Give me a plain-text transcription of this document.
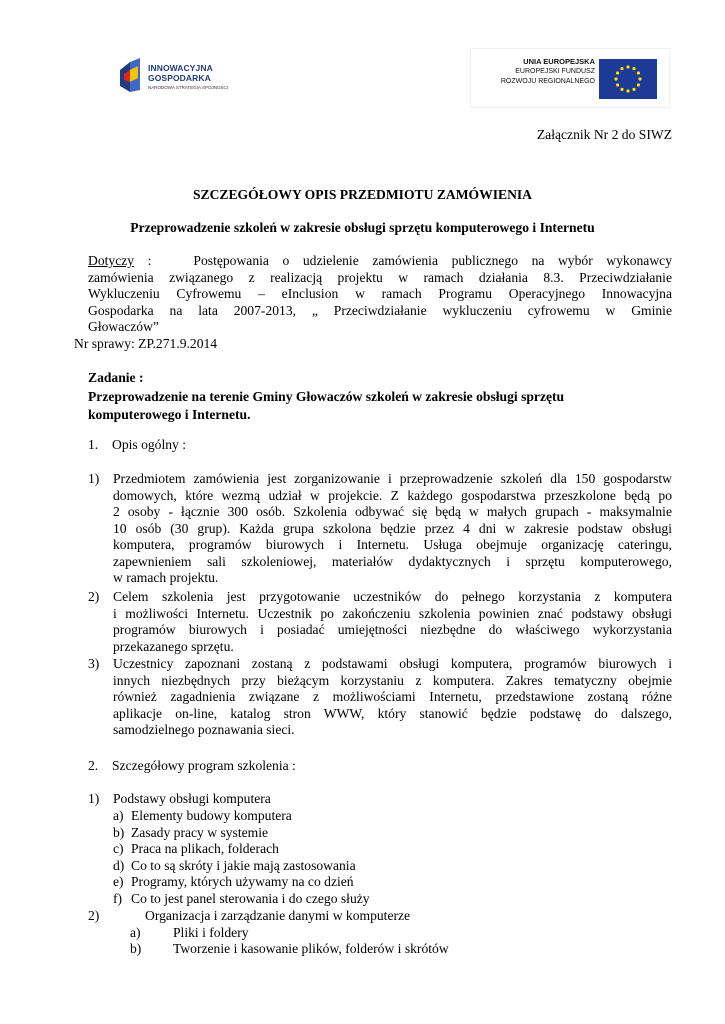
INNOWACYJNA
GOSPODARKA
NARODOWA STRATEGIA SPÓJNOŚCI
UNIA EUROPEJSKA
EUROPEJSKI FUNDUSZ
ROZWOJU REGIONALNEGO
Załącznik Nr 2 do SIWZ
SZCZEGÓŁOWY OPIS PRZEDMIOTU ZAMÓWIENIA
Przeprowadzenie szkoleń w zakresie obsługi sprzętu komputerowego i Internetu
Dotyczy :	Postępowania o udzielenie zamówienia publicznego na wybór wykonawcy
zamówienia związanego z realizacją projektu w ramach działania 8.3. Przeciwdziałanie
Wykluczeniu Cyfrowemu – eInclusion w ramach Programu Operacyjnego Innowacyjna
Gospodarka na lata 2007-2013, „ Przeciwdziałanie wykluczeniu cyfrowemu w Gminie
Głowaczów”
Nr sprawy: ZP.271.9.2014
Zadanie :
Przeprowadzenie na terenie Gminy Głowaczów szkoleń w zakresie obsługi sprzętu
komputerowego i Internetu.
1. Opis ogólny :
1) Przedmiotem zamówienia jest zorganizowanie i przeprowadzenie szkoleń dla 150 gospodarstw
domowych, które wezmą udział w projekcie. Z każdego gospodarstwa przeszkolone będą po
2 osoby - łącznie 300 osób. Szkolenia odbywać się będą w małych grupach - maksymalnie
10 osób (30 grup). Każda grupa szkolona będzie przez 4 dni w zakresie podstaw obsługi
komputera, programów biurowych i Internetu. Usługa obejmuje organizację cateringu,
zapewnieniem sali szkoleniowej, materiałów dydaktycznych i sprzętu komputerowego,
w ramach projektu.
2) Celem szkolenia jest przygotowanie uczestników do pełnego korzystania z komputera
i możliwości Internetu. Uczestnik po zakończeniu szkolenia powinien znać podstawy obsługi
programów biurowych i posiadać umiejętności niezbędne do właściwego wykorzystania
przekazanego sprzętu.
3) Uczestnicy zapoznani zostaną z podstawami obsługi komputera, programów biurowych i
innych niezbędnych przy bieżącym korzystaniu z komputera. Zakres tematyczny obejmie
również zagadnienia związane z możliwościami Internetu, przedstawione zostaną różne
aplikacje on-line, katalog stron WWW, który stanowić będzie podstawę do dalszego,
samodzielnego poznawania sieci.
2. Szczegółowy program szkolenia :
1) Podstawy obsługi komputera
a) Elementy budowy komputera
b) Zasady pracy w systemie
c) Praca na plikach, folderach
d) Co to są skróty i jakie mają zastosowania
e) Programy, których używamy na co dzień
f) Co to jest panel sterowania i do czego służy
2)	Organizacja i zarządzanie danymi w komputerze
a) Pliki i foldery
b) Tworzenie i kasowanie plików, folderów i skrótów
